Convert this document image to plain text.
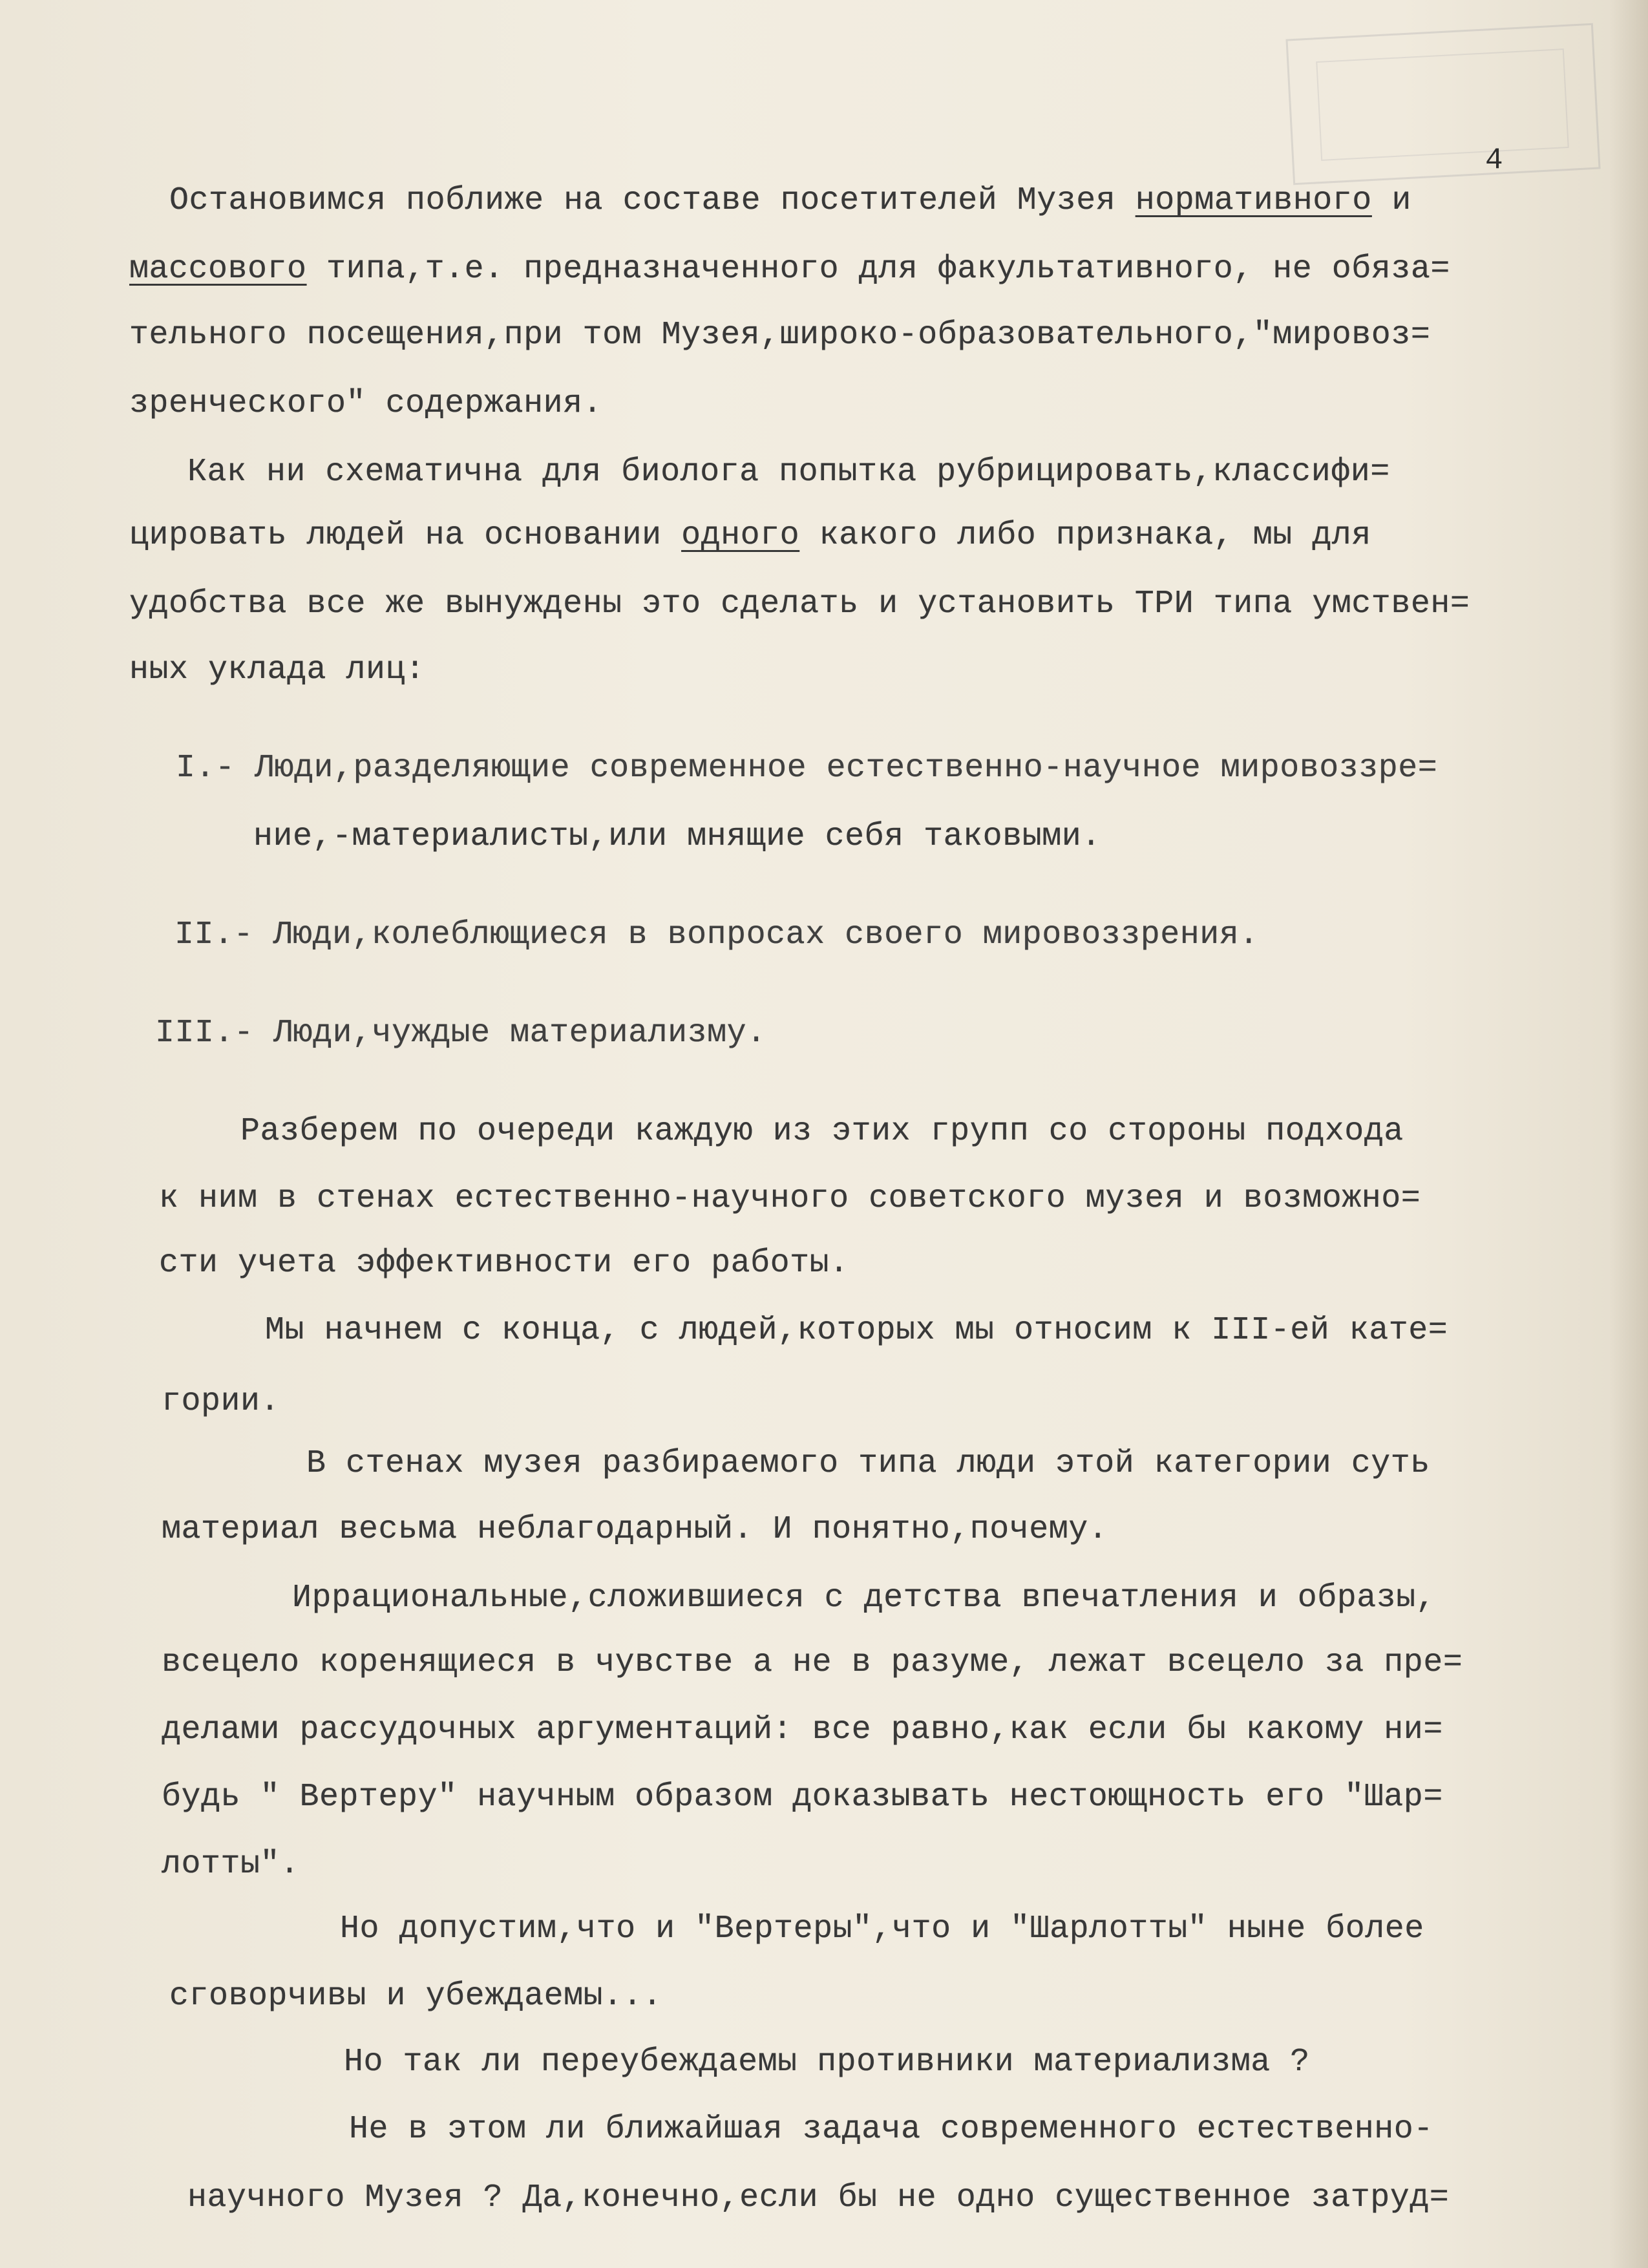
4
Остановимся поближе на составе посетителей Музея нормативного и
массового типа,т.е. предназначенного для факультативного, не обяза=
тельного посещения,при том Музея,широко-образовательного,"мировоз=
зренческого" содержания.
Как ни схематична для биолога попытка рубрицировать,классифи=
цировать людей на основании одного какого либо признака, мы для
удобства все же вынуждены это сделать и установить ТРИ типа умствен=
ных уклада лиц:
I.- Люди,разделяющие современное естественно-научное мировоззре=
ние,-материалисты,или мнящие себя таковыми.
II.- Люди,колеблющиеся в вопросах своего мировоззрения.
III.- Люди,чуждые материализму.
Разберем по очереди каждую из этих групп со стороны подхода
к ним в стенах естественно-научного советского музея и возможно=
сти учета эффективности его работы.
Мы начнем с конца, с людей,которых мы относим к III-ей кате=
гории.
В стенах музея разбираемого типа люди этой категории суть
материал весьма неблагодарный. И понятно,почему.
Иррациональные,сложившиеся с детства впечатления и образы,
всецело коренящиеся в чувстве а не в разуме, лежат всецело за пре=
делами рассудочных аргументаций: все равно,как если бы какому ни=
будь " Вертеру" научным образом доказывать нестоющность его "Шар=
лотты".
Но допустим,что и "Вертеры",что и "Шарлотты" ныне более
сговорчивы и убеждаемы...
Но так ли переубеждаемы противники материализма ?
Не в этом ли ближайшая задача современного естественно-
научного Музея ? Да,конечно,если бы не одно существенное затруд=
